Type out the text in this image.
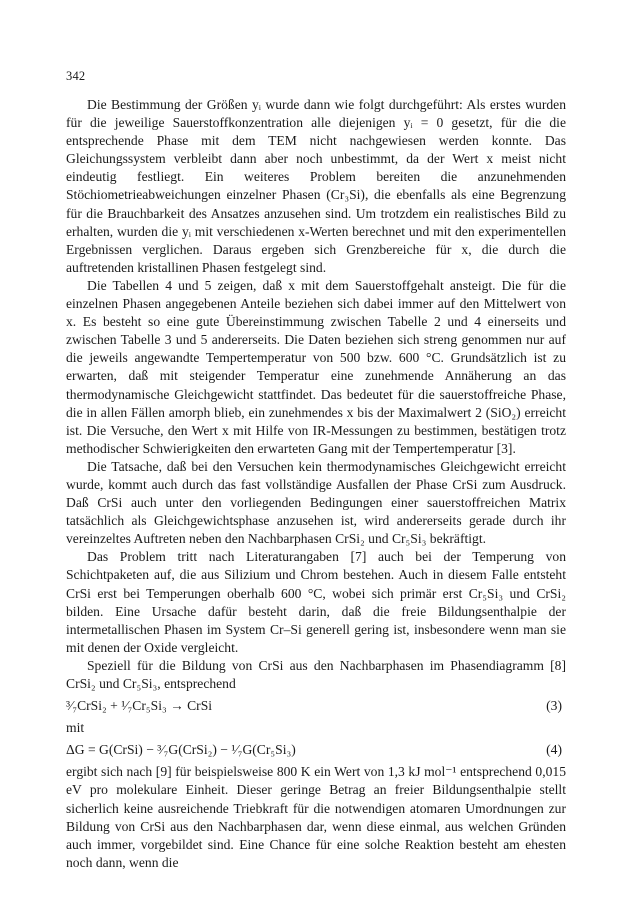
342

Die Bestimmung der Größen yᵢ wurde dann wie folgt durchgeführt: Als erstes wurden für die jeweilige Sauerstoffkonzentration alle diejenigen yᵢ = 0 gesetzt, für die die entsprechende Phase mit dem TEM nicht nachgewiesen werden konnte. Das Gleichungssystem verbleibt dann aber noch unbestimmt, da der Wert x meist nicht eindeutig festliegt. Ein weiteres Problem bereiten die anzunehmenden Stöchiometrieabweichungen einzelner Phasen (Cr₃Si), die ebenfalls als eine Begrenzung für die Brauchbarkeit des Ansatzes anzusehen sind. Um trotzdem ein realistisches Bild zu erhalten, wurden die yᵢ mit verschiedenen x-Werten berechnet und mit den experimentellen Ergebnissen verglichen. Daraus ergeben sich Grenzbereiche für x, die durch die auftretenden kristallinen Phasen festgelegt sind.

Die Tabellen 4 und 5 zeigen, daß x mit dem Sauerstoffgehalt ansteigt. Die für die einzelnen Phasen angegebenen Anteile beziehen sich dabei immer auf den Mittelwert von x. Es besteht so eine gute Übereinstimmung zwischen Tabelle 2 und 4 einerseits und zwischen Tabelle 3 und 5 andererseits. Die Daten beziehen sich streng genommen nur auf die jeweils angewandte Tempertemperatur von 500 bzw. 600 °C. Grundsätzlich ist zu erwarten, daß mit steigender Temperatur eine zunehmende Annäherung an das thermodynamische Gleichgewicht stattfindet. Das bedeutet für die sauerstoffreiche Phase, die in allen Fällen amorph blieb, ein zunehmendes x bis der Maximalwert 2 (SiO₂) erreicht ist. Die Versuche, den Wert x mit Hilfe von IR-Messungen zu bestimmen, bestätigen trotz methodischer Schwierigkeiten den erwarteten Gang mit der Tempertemperatur [3].

Die Tatsache, daß bei den Versuchen kein thermodynamisches Gleichgewicht erreicht wurde, kommt auch durch das fast vollständige Ausfallen der Phase CrSi zum Ausdruck. Daß CrSi auch unter den vorliegenden Bedingungen einer sauerstoffreichen Matrix tatsächlich als Gleichgewichtsphase anzusehen ist, wird andererseits gerade durch ihr vereinzeltes Auftreten neben den Nachbarphasen CrSi₂ und Cr₅Si₃ bekräftigt.

Das Problem tritt nach Literaturangaben [7] auch bei der Temperung von Schichtpaketen auf, die aus Silizium und Chrom bestehen. Auch in diesem Falle entsteht CrSi erst bei Temperungen oberhalb 600 °C, wobei sich primär erst Cr₅Si₃ und CrSi₂ bilden. Eine Ursache dafür besteht darin, daß die freie Bildungsenthalpie der intermetallischen Phasen im System Cr–Si generell gering ist, insbesondere wenn man sie mit denen der Oxide vergleicht.

Speziell für die Bildung von CrSi aus den Nachbarphasen im Phasendiagramm [8] CrSi₂ und Cr₅Si₃, entsprechend

³⁄₇CrSi₂ + ¹⁄₇Cr₅Si₃ → CrSi	(3)

mit

ΔG = G(CrSi) − ³⁄₇G(CrSi₂) − ¹⁄₇G(Cr₅Si₃)	(4)

ergibt sich nach [9] für beispielsweise 800 K ein Wert von 1,3 kJ mol⁻¹ entsprechend 0,015 eV pro molekulare Einheit. Dieser geringe Betrag an freier Bildungsenthalpie stellt sicherlich keine ausreichende Triebkraft für die notwendigen atomaren Umordnungen zur Bildung von CrSi aus den Nachbarphasen dar, wenn diese einmal, aus welchen Gründen auch immer, vorgebildet sind. Eine Chance für eine solche Reaktion besteht am ehesten noch dann, wenn die
